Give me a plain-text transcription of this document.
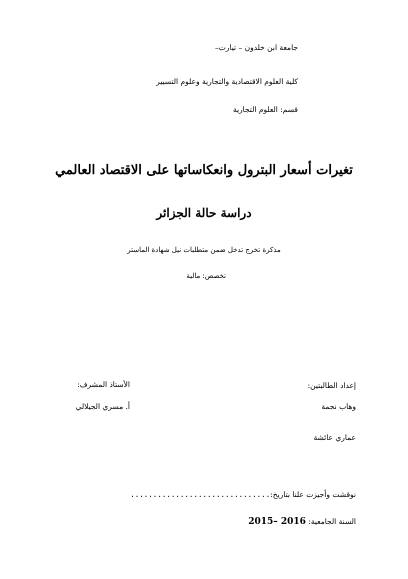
جامعة ابن خلدون – تيارت–
كلية العلوم الاقتصادية والتجارية وعلوم التسيير
قسم: العلوم التجارية
تغيرات أسعار البترول وانعكاساتها على الاقتصاد العالمي
دراسة حالة الجزائر
مذكرة تخرج تدخل ضمن متطلبات نيل شهادة الماستر
تخصص: مالية
إعداد الطالبتين:
وهاب نجمة
عماري عائشة
الأستاذ المشرف:
أ. مسري الجيلالي
نوقشت وأجيزت علنا بتاريخ:...............................
السنة الجامعية: 2015– 2016
